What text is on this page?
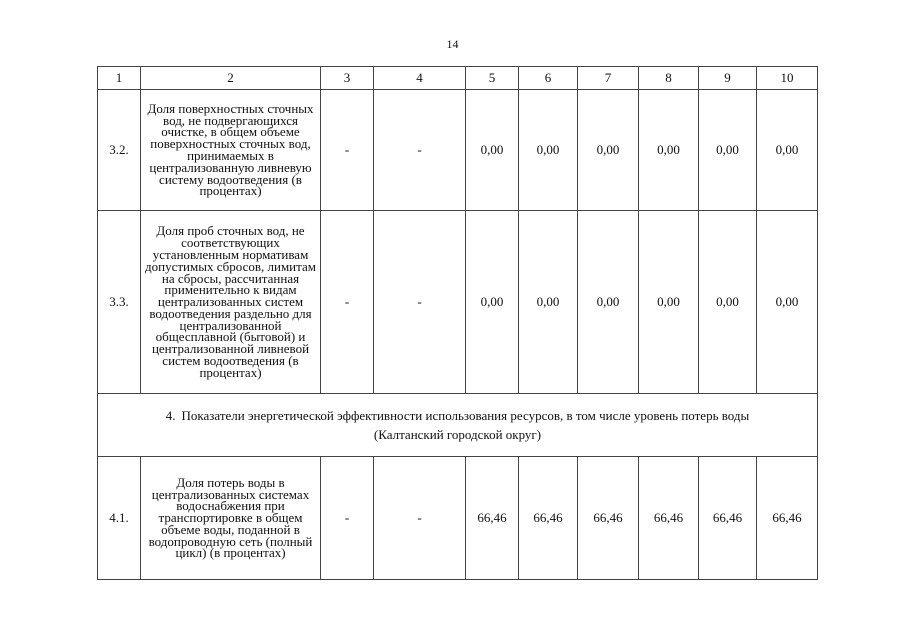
14
1	2	3	4	5	6	7	8	9	10
3.2.	Доля поверхностных сточных вод, не подвергающихся очистке, в общем объеме поверхностных сточных вод, принимаемых в централизованную ливневую систему водоотведения (в процентах)	-	-	0,00	0,00	0,00	0,00	0,00	0,00
3.3.	Доля проб сточных вод, не соответствующих установленным нормативам допустимых сбросов, лимитам на сбросы, рассчитанная применительно к видам централизованных систем водоотведения раздельно для централизованной общесплавной (бытовой) и централизованной ливневой систем водоотведения (в процентах)	-	-	0,00	0,00	0,00	0,00	0,00	0,00

4. Показатели энергетической эффективности использования ресурсов, в том числе уровень потерь воды
(Калтанский городской округ)									

4.1.	Доля потерь воды в централизованных системах водоснабжения при транспортировке в общем объеме воды, поданной в водопроводную сеть (полный цикл) (в процентах)	-	-	66,46	66,46	66,46	66,46	66,46	66,46
